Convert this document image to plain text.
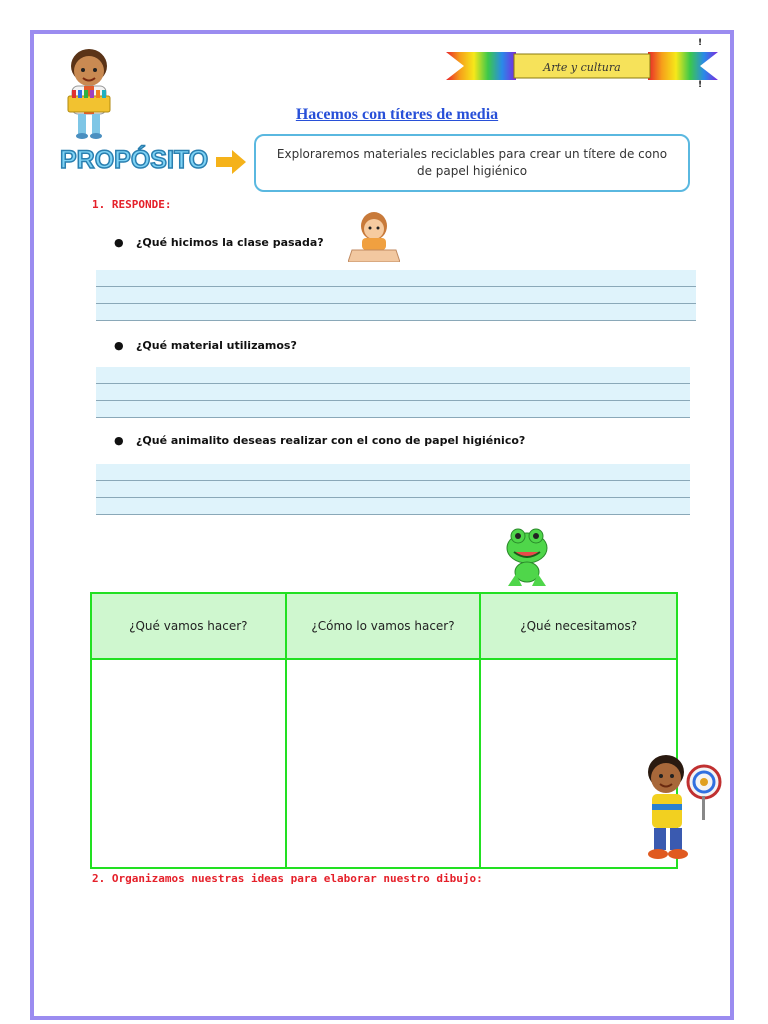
Arte y cultura
!
!
Hacemos con títeres de media
PROPÓSITO	Exploraremos materiales reciclables para crear un títere de cono de papel higiénico
1. RESPONDE:
● ¿Qué hicimos la clase pasada?
● ¿Qué material utilizamos?
● ¿Qué animalito deseas realizar con el cono de papel higiénico?
¿Qué vamos hacer?	¿Cómo lo vamos hacer?	¿Qué necesitamos?
2. Organizamos nuestras ideas para elaborar nuestro dibujo:
